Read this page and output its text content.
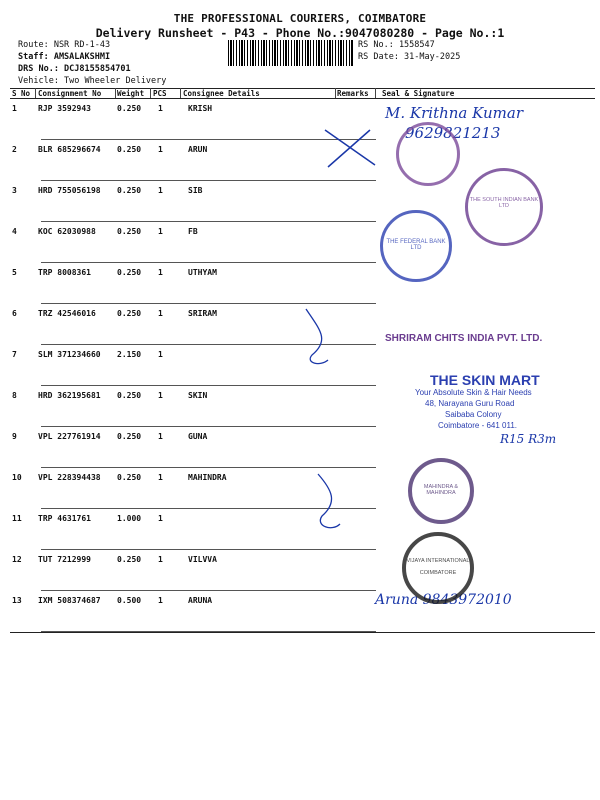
THE PROFESSIONAL COURIERS, COIMBATORE
Delivery Runsheet - P43 - Phone No.:9047080280 - Page No.:1
Route: NSR RD-1-43
Staff: AMSALAKSHMI
DRS No.: DCJ8155854701
Vehicle: Two Wheeler Delivery
RS No.: 1558547
RS Date: 31-May-2025
S No Consignment No Weight PCS Consignee Details	Remarks Seal & Signature
1	RJP 3592943	0.250 1	KRISH
2	BLR 685296674 0.250 1	ARUN
3	HRD 755056198 0.250 1	SIB
4	KOC 62030988	0.250 1	FB
5	TRP 8008361	0.250 1	UTHYAM
6	TRZ 42546016	0.250 1	SRIRAM
7	SLM 371234660 2.150 1
8	HRD 362195681 0.250 1	SKIN
9	VPL 227761914 0.250 1	GUNA
10 VPL 228394438 0.250 1	MAHINDRA
11 TRP 4631761	1.000 1
12 TUT 7212999	0.250 1	VILVVA
13 IXM 508374687 0.500 1	ARUNA
M. Krithna Kumar
9629821213
R15 R3m
Aruna 9843972010
THE SOUTH INDIAN BANK LTD
THE FEDERAL BANK LTD
MAHINDRA & MAHINDRA
VIJAYA INTERNATIONAL
COIMBATORE
SHRIRAM CHITS INDIA PVT. LTD.
THE SKIN MART
Your Absolute Skin & Hair Needs
48, Narayana Guru Road
Saibaba Colony
Coimbatore - 641 011.
